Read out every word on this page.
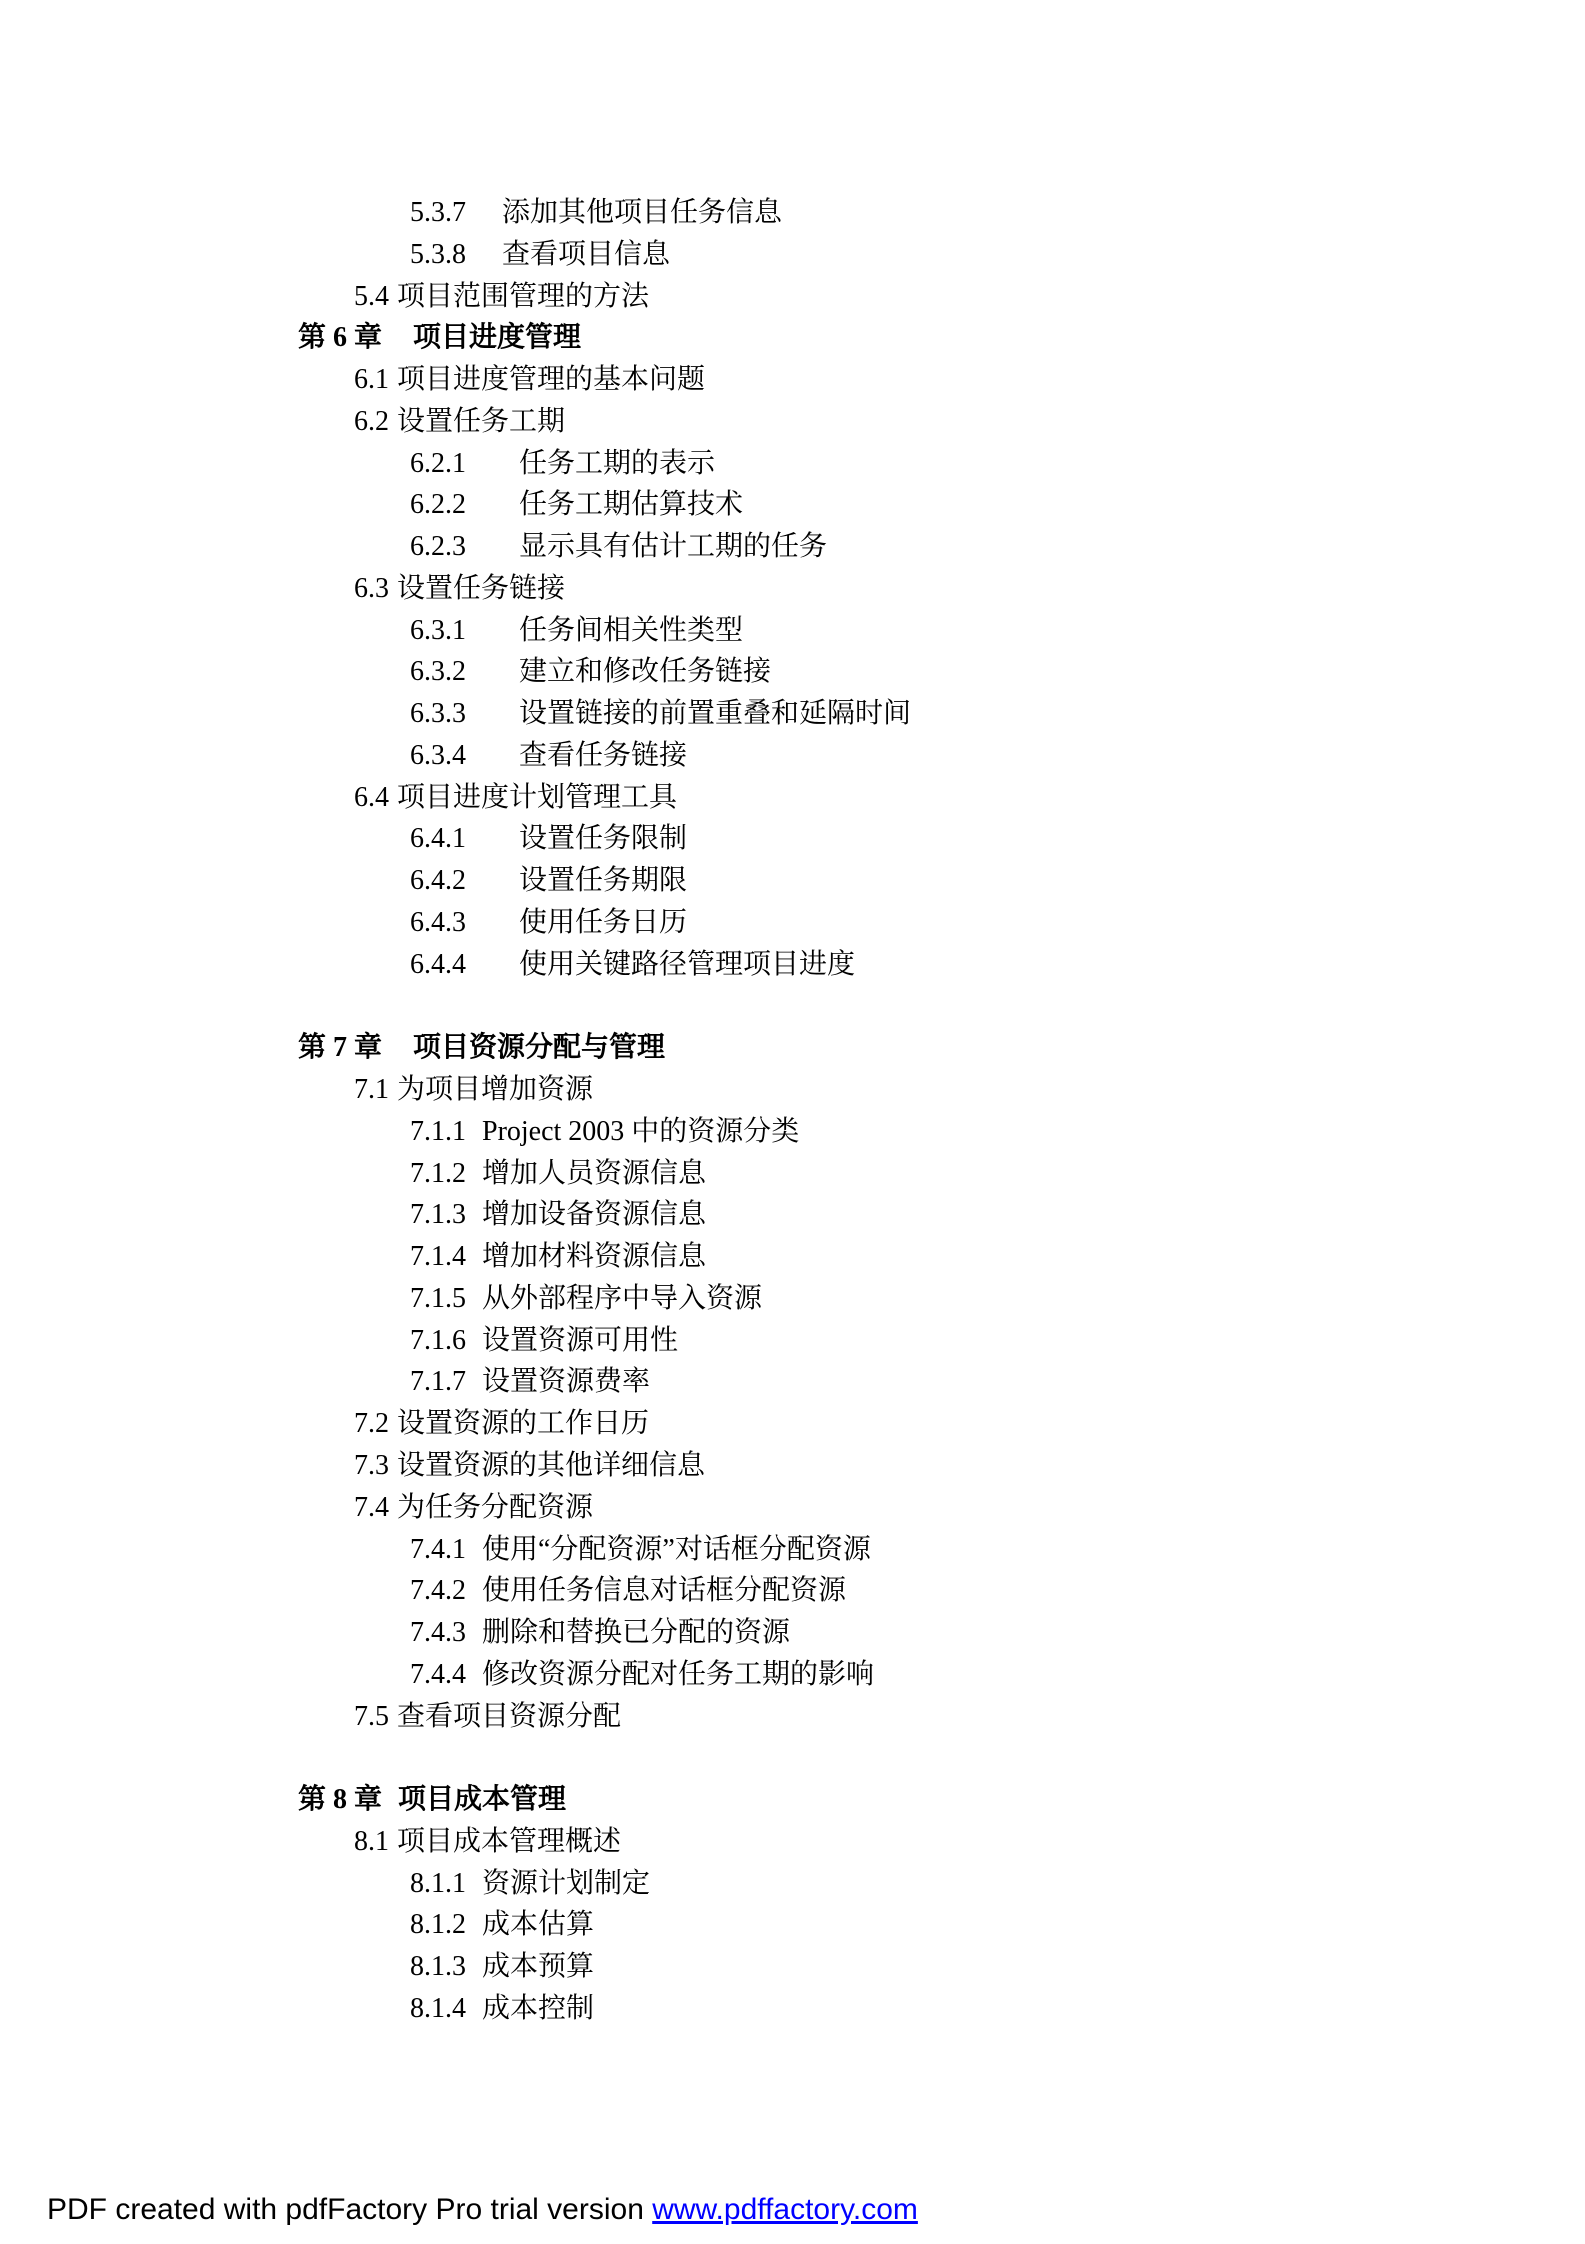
5.3.7 添加其他项目任务信息
5.3.8 查看项目信息
5.4 项目范围管理的方法
第 6 章 项目进度管理
6.1 项目进度管理的基本问题
6.2 设置任务工期
6.2.1 任务工期的表示
6.2.2 任务工期估算技术
6.2.3 显示具有估计工期的任务
6.3 设置任务链接
6.3.1 任务间相关性类型
6.3.2 建立和修改任务链接
6.3.3 设置链接的前置重叠和延隔时间
6.3.4 查看任务链接
6.4 项目进度计划管理工具
6.4.1 设置任务限制
6.4.2 设置任务期限
6.4.3 使用任务日历
6.4.4 使用关键路径管理项目进度
第 7 章 项目资源分配与管理
7.1 为项目增加资源
7.1.1 Project 2003 中的资源分类
7.1.2 增加人员资源信息
7.1.3 增加设备资源信息
7.1.4 增加材料资源信息
7.1.5 从外部程序中导入资源
7.1.6 设置资源可用性
7.1.7 设置资源费率
7.2 设置资源的工作日历
7.3 设置资源的其他详细信息
7.4 为任务分配资源
7.4.1 使用“分配资源”对话框分配资源
7.4.2 使用任务信息对话框分配资源
7.4.3 删除和替换已分配的资源
7.4.4 修改资源分配对任务工期的影响
7.5 查看项目资源分配
第 8 章 项目成本管理
8.1 项目成本管理概述
8.1.1 资源计划制定
8.1.2 成本估算
8.1.3 成本预算
8.1.4 成本控制
PDF created with pdfFactory Pro trial version www.pdffactory.com
